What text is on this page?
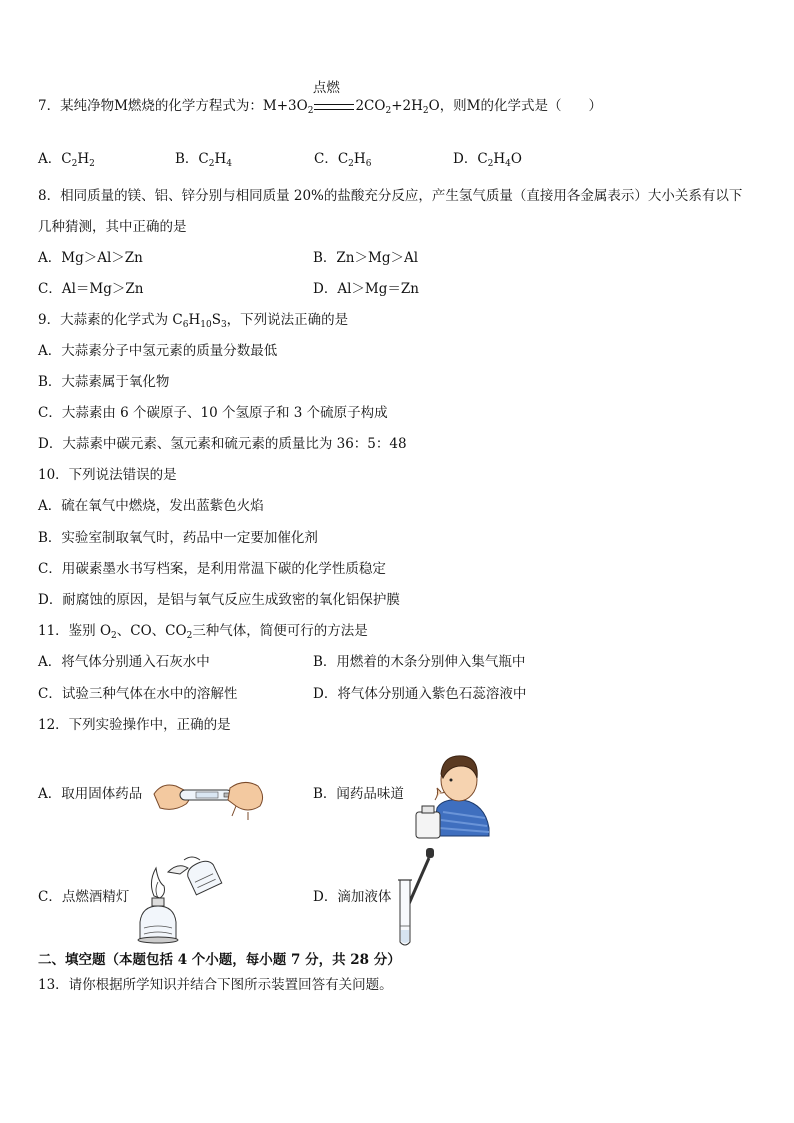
7．某纯净物M燃烧的化学方程式为：$M+3O_2$
点燃
$2CO_2+2H_2O$，则M的化学式是（　　）
A．$C_2H_2$	B．$C_2H_4$	C．$C_2H_6$	D．$C_2H_4O$
8．相同质量的镁、铝、锌分别与相同质量 20%的盐酸充分反应，产生氢气质量（直接用各金属表示）大小关系有以下
几种猜测，其中正确的是
A．Mg＞Al＞Zn	B．Zn＞Mg＞Al
C．Al＝Mg＞Zn	D．Al＞Mg＝Zn
9．大蒜素的化学式为 $C_6H_{10}S_3$，下列说法正确的是
A．大蒜素分子中氢元素的质量分数最低
B．大蒜素属于氧化物
C．大蒜素由 6 个碳原子、10 个氢原子和 3 个硫原子构成
D．大蒜素中碳元素、氢元素和硫元素的质量比为 36：5：48
10．下列说法错误的是
A．硫在氧气中燃烧，发出蓝紫色火焰
B．实验室制取氧气时，药品中一定要加催化剂
C．用碳素墨水书写档案，是利用常温下碳的化学性质稳定
D．耐腐蚀的原因，是铝与氧气反应生成致密的氧化铝保护膜
11．鉴别 $O_2$、CO、$CO_2$三种气体，简便可行的方法是
A．将气体分别通入石灰水中	B．用燃着的木条分别伸入集气瓶中
C．试验三种气体在水中的溶解性	D．将气体分别通入紫色石蕊溶液中
12．下列实验操作中，正确的是
A．取用固体药品	B．闻药品味道
C．点燃酒精灯	D．滴加液体
二、填空题（本题包括 4 个小题，每小题 7 分，共 28 分）
13．请你根据所学知识并结合下图所示装置回答有关问题。
